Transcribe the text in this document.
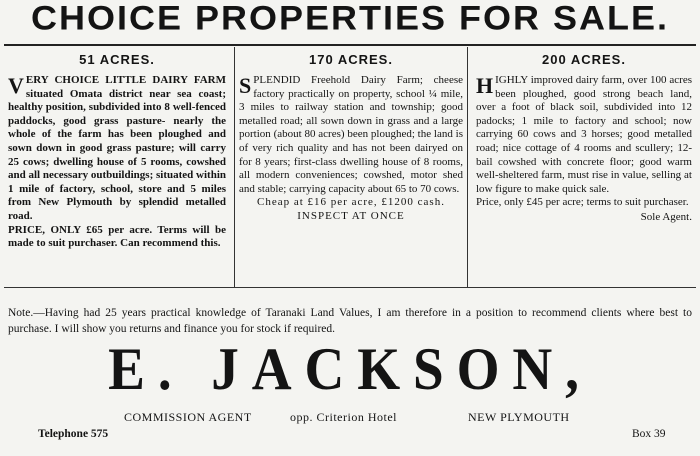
CHOICE PROPERTIES FOR SALE.
51 ACRES.

VERY CHOICE LITTLE DAIRY FARM situated Omata district near sea coast; healthy position, subdivided into 8 well-fenced paddocks, good grass pasture- nearly the whole of the farm has been ploughed and sown down in good grass pasture; will carry 25 cows; dwelling house of 5 rooms, cowshed and all necessary outbuildings; situated within 1 mile of factory, school, store and 5 miles from New Plymouth by splendid metalled road.

PRICE, ONLY £65 per acre. Terms will be made to suit purchaser. Can recommend this.

170 ACRES.

SPLENDID Freehold Dairy Farm; cheese factory practically on property, school ¼ mile, 3 miles to railway station and township; good metalled road; all sown down in grass and a large portion (about 80 acres) been ploughed; the land is of very rich quality and has not been dairyed on for 8 years; first-class dwelling house of 8 rooms, all modern conveniences; cowshed, motor shed and stable; carrying capacity about 65 to 70 cows.

Cheap at £16 per acre, £1200 cash.

INSPECT AT ONCE

200 ACRES.

HIGHLY improved dairy farm, over 100 acres been ploughed, good strong beach land, over a foot of black soil, subdivided into 12 padocks; 1 mile to factory and school; now carrying 60 cows and 3 horses; good metalled road; nice cottage of 4 rooms and scullery; 12-bail cowshed with concrete floor; good warm well-sheltered farm, must rise in value, selling at low figure to make quick sale.

Price, only £45 per acre; terms to suit purchaser.

Sole Agent.

Note.—Having had 25 years practical knowledge of Taranaki Land Values, I am therefore in a position to recommend clients where best to purchase. I will show you returns and finance you for stock if required.

E. JACKSON,
COMMISSION AGENT	opp. Criterion Hotel	NEW PLYMOUTH
Telephone 575	Box 39
